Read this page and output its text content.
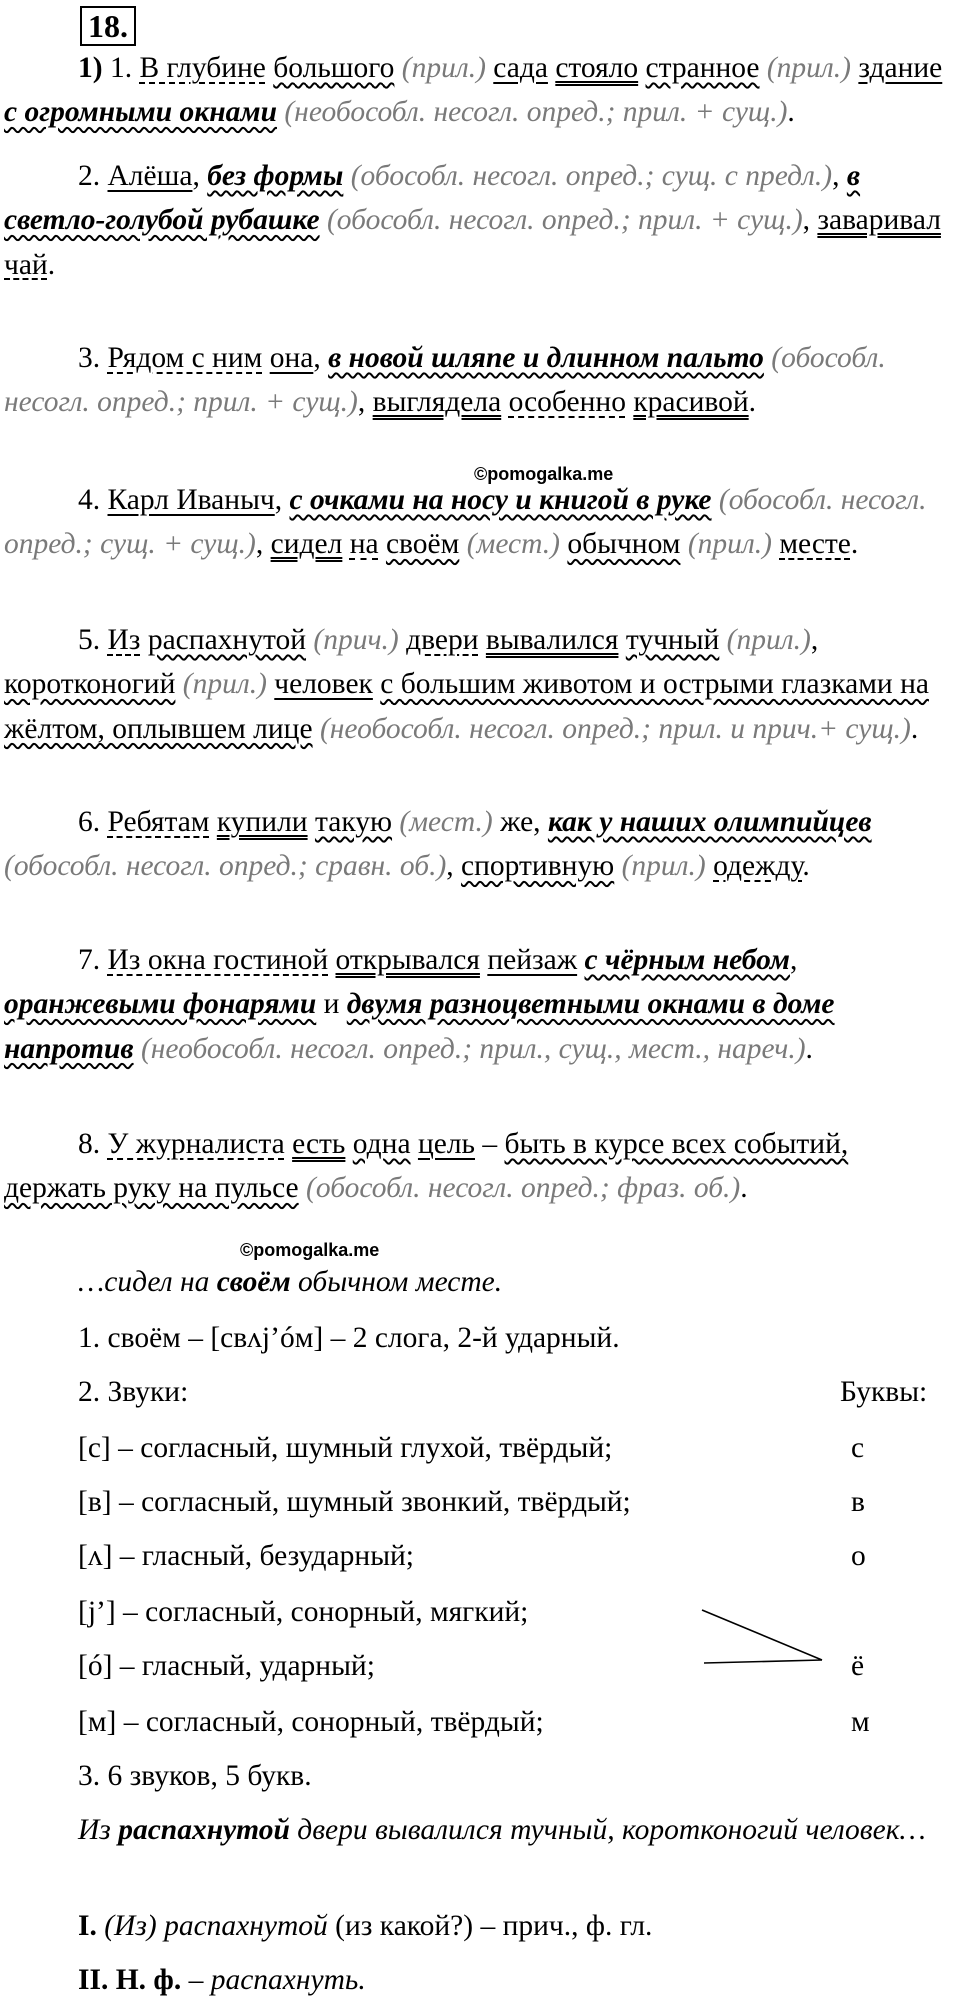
18.

1) 1. В глубине большого (прил.) сада стояло странное (прил.) здание с огромными окнами (необособл. несогл. опред.; прил. + сущ.).

2. Алёша, без формы (обособл. несогл. опред.; сущ. с предл.), в светло-голубой рубашке (обособл. несогл. опред.; прил. + сущ.), заваривал чай.

3. Рядом с ним она, в новой шляпе и длинном пальто (обособл. несогл. опред.; прил. + сущ.), выглядела особенно красивой.

©pomogalka.me

4. Карл Иваныч, с очками на носу и книгой в руке (обособл. несогл. опред.; сущ. + сущ.), сидел на своём (мест.) обычном (прил.) месте.

5. Из распахнутой (прич.) двери вывалился тучный (прил.), коротконогий (прил.) человек с большим животом и острыми глазками на жёлтом, оплывшем лице (необособл. несогл. опред.; прил. и прич.+ сущ.).

6. Ребятам купили такую (мест.) же, как у наших олимпийцев (обособл. несогл. опред.; сравн. об.), спортивную (прил.) одежду.

7. Из окна гостиной открывался пейзаж с чёрным небом, оранжевыми фонарями и двумя разноцветными окнами в доме напротив (необособл. несогл. опред.; прил., сущ., мест., нареч.).

8. У журналиста есть одна цель – быть в курсе всех событий, держать руку на пульсе (обособл. несогл. опред.; фраз. об.).

©pomogalka.me
…сидел на своём обычном месте.
1. своём – [свʌj’óм] – 2 слога, 2-й ударный.
2. Звуки:	Буквы:
[с] – согласный, шумный глухой, твёрдый;	с
[в] – согласный, шумный звонкий, твёрдый;	в
[ʌ] – гласный, безударный;	о
[j’] – согласный, сонорный, мягкий;
[ó] – гласный, ударный;	ё
[м] – согласный, сонорный, твёрдый;	м
3. 6 звуков, 5 букв.

Из распахнутой двери вывалился тучный, коротконогий человек…

I. (Из) распахнутой (из какой?) – прич., ф. гл.
II. Н. ф. – распахнуть.
